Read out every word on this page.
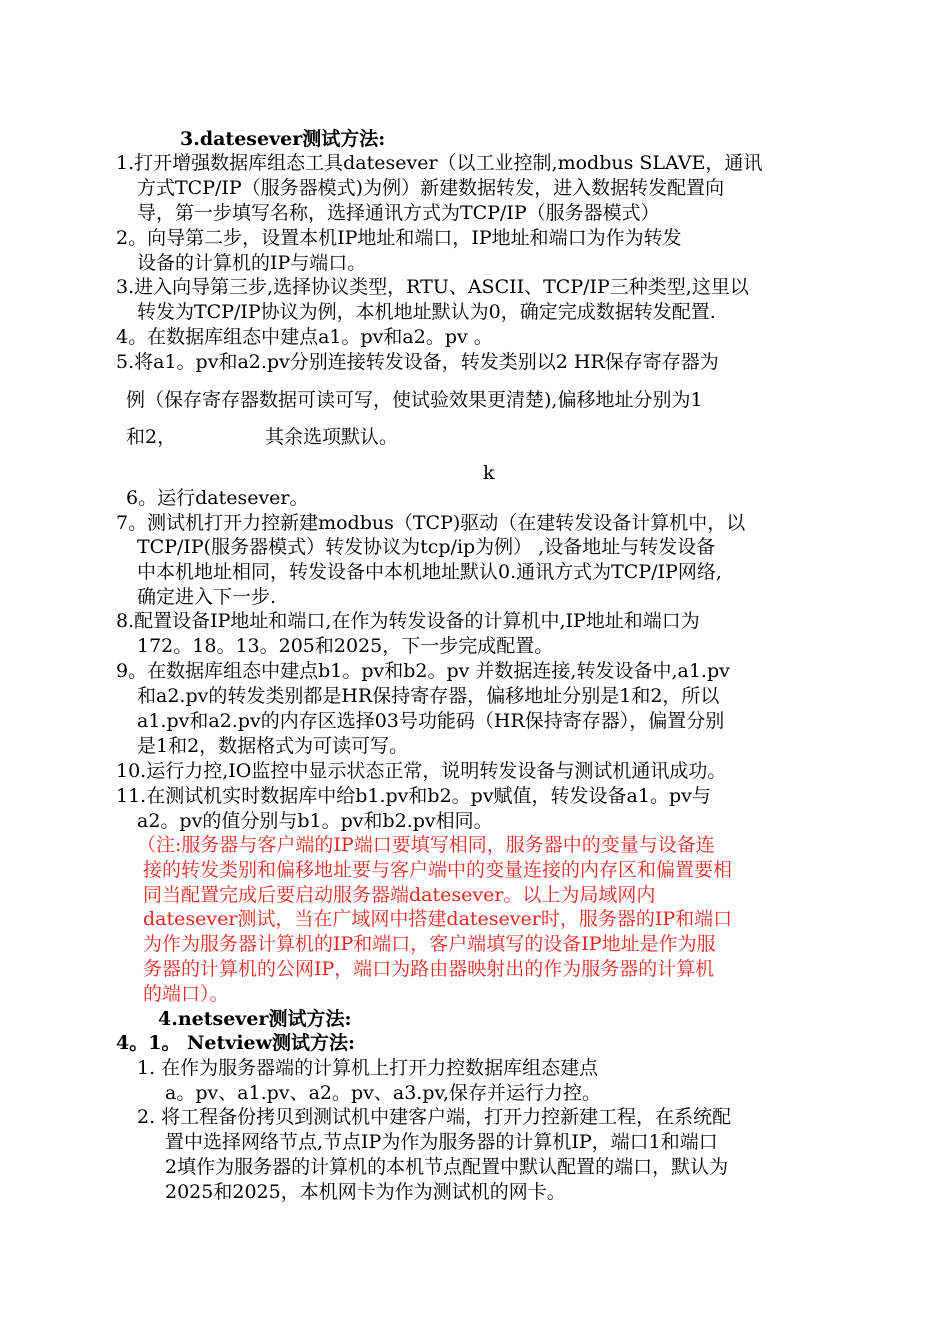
3.datesever测试方法:
1.打开增强数据库组态工具datesever（以工业控制,modbus SLAVE，通讯
方式TCP/IP（服务器模式)为例）新建数据转发，进入数据转发配置向
导，第一步填写名称，选择通讯方式为TCP/IP（服务器模式）
2。向导第二步，设置本机IP地址和端口，IP地址和端口为作为转发
设备的计算机的IP与端口。
3.进入向导第三步,选择协议类型，RTU、ASCII、TCP/IP三种类型,这里以
转发为TCP/IP协议为例，本机地址默认为0，确定完成数据转发配置.
4。在数据库组态中建点a1。pv和a2。pv 。
5.将a1。pv和a2.pv分别连接转发设备，转发类别以2 HR保存寄存器为
例（保存寄存器数据可读可写，使试验效果更清楚),偏移地址分别为1
和2，	其余选项默认。
k
6。运行datesever。
7。测试机打开力控新建modbus（TCP)驱动（在建转发设备计算机中，以
TCP/IP(服务器模式）转发协议为tcp/ip为例） ,设备地址与转发设备
中本机地址相同，转发设备中本机地址默认0.通讯方式为TCP/IP网络,
确定进入下一步.
8.配置设备IP地址和端口,在作为转发设备的计算机中,IP地址和端口为
172。18。13。205和2025，下一步完成配置。
9。在数据库组态中建点b1。pv和b2。pv 并数据连接,转发设备中,a1.pv
和a2.pv的转发类别都是HR保持寄存器，偏移地址分别是1和2，所以
a1.pv和a2.pv的内存区选择03号功能码（HR保持寄存器），偏置分别
是1和2，数据格式为可读可写。
10.运行力控,IO监控中显示状态正常，说明转发设备与测试机通讯成功。
11.在测试机实时数据库中给b1.pv和b2。pv赋值，转发设备a1。pv与
a2。pv的值分别与b1。pv和b2.pv相同。
（注:服务器与客户端的IP端口要填写相同，服务器中的变量与设备连
接的转发类别和偏移地址要与客户端中的变量连接的内存区和偏置要相
同当配置完成后要启动服务器端datesever。以上为局域网内
datesever测试，当在广域网中搭建datesever时，服务器的IP和端口
为作为服务器计算机的IP和端口，客户端填写的设备IP地址是作为服
务器的计算机的公网IP，端口为路由器映射出的作为服务器的计算机
的端口）。
4.netsever测试方法:
4。1。 Netview测试方法:
1. 在作为服务器端的计算机上打开力控数据库组态建点
a。pv、a1.pv、a2。pv、a3.pv,保存并运行力控。
2. 将工程备份拷贝到测试机中建客户端，打开力控新建工程，在系统配
置中选择网络节点,节点IP为作为服务器的计算机IP，端口1和端口
2填作为服务器的计算机的本机节点配置中默认配置的端口，默认为
2025和2025，本机网卡为作为测试机的网卡。
